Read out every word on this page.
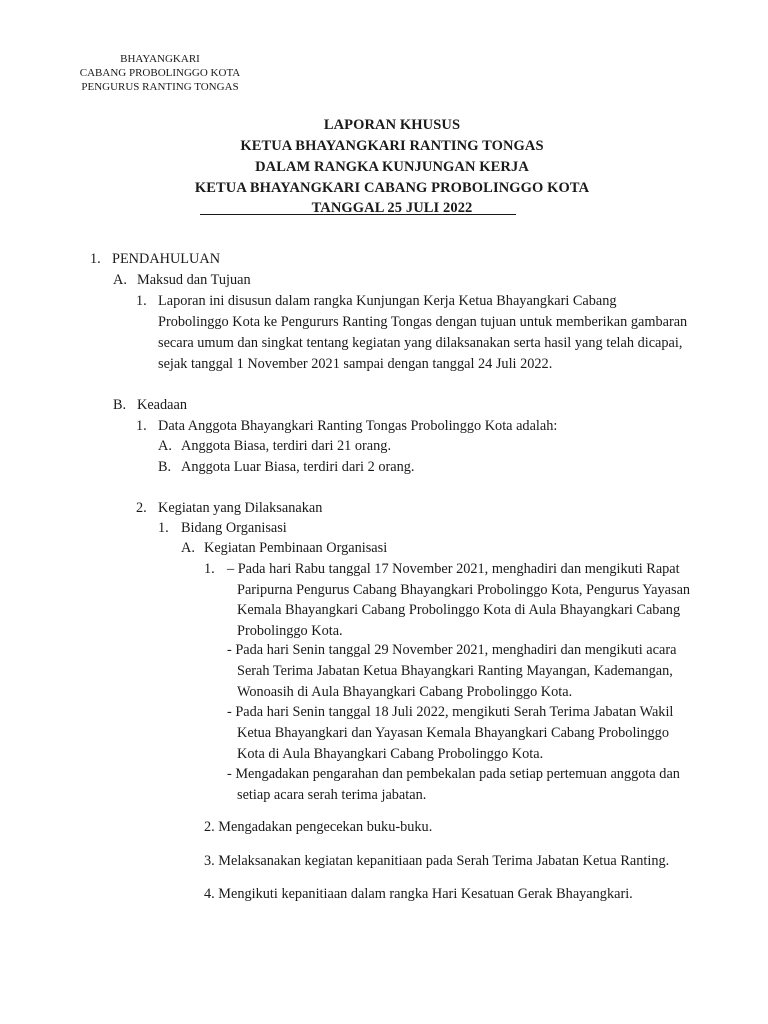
BHAYANGKARI
CABANG PROBOLINGGO KOTA
PENGURUS RANTING TONGAS
LAPORAN KHUSUS
KETUA BHAYANGKARI RANTING TONGAS
DALAM RANGKA KUNJUNGAN KERJA
KETUA BHAYANGKARI CABANG PROBOLINGGO KOTA
TANGGAL 25 JULI 2022
1. PENDAHULUAN
A. Maksud dan Tujuan
1. Laporan ini disusun dalam rangka Kunjungan Kerja Ketua Bhayangkari Cabang
Probolinggo Kota ke Pengururs Ranting Tongas dengan tujuan untuk memberikan gambaran
secara umum dan singkat tentang kegiatan yang dilaksanakan serta hasil yang telah dicapai,
sejak tanggal 1 November 2021 sampai dengan tanggal 24 Juli 2022.
B. Keadaan
1. Data Anggota Bhayangkari Ranting Tongas Probolinggo Kota adalah:
A. Anggota Biasa, terdiri dari 21 orang.
B. Anggota Luar Biasa, terdiri dari 2 orang.
2. Kegiatan yang Dilaksanakan
1. Bidang Organisasi
A. Kegiatan Pembinaan Organisasi
1. – Pada hari Rabu tanggal 17 November 2021, menghadiri dan mengikuti Rapat
Paripurna Pengurus Cabang Bhayangkari Probolinggo Kota, Pengurus Yayasan
Kemala Bhayangkari Cabang Probolinggo Kota di Aula Bhayangkari Cabang
Probolinggo Kota.
- Pada hari Senin tanggal 29 November 2021, menghadiri dan mengikuti acara
Serah Terima Jabatan Ketua Bhayangkari Ranting Mayangan, Kademangan,
Wonoasih di Aula Bhayangkari Cabang Probolinggo Kota.
- Pada hari Senin tanggal 18 Juli 2022, mengikuti Serah Terima Jabatan Wakil
Ketua Bhayangkari dan Yayasan Kemala Bhayangkari Cabang Probolinggo
Kota di Aula Bhayangkari Cabang Probolinggo Kota.
- Mengadakan pengarahan dan pembekalan pada setiap pertemuan anggota dan
setiap acara serah terima jabatan.
2. Mengadakan pengecekan buku-buku.
3. Melaksanakan kegiatan kepanitiaan pada Serah Terima Jabatan Ketua Ranting.
4. Mengikuti kepanitiaan dalam rangka Hari Kesatuan Gerak Bhayangkari.
